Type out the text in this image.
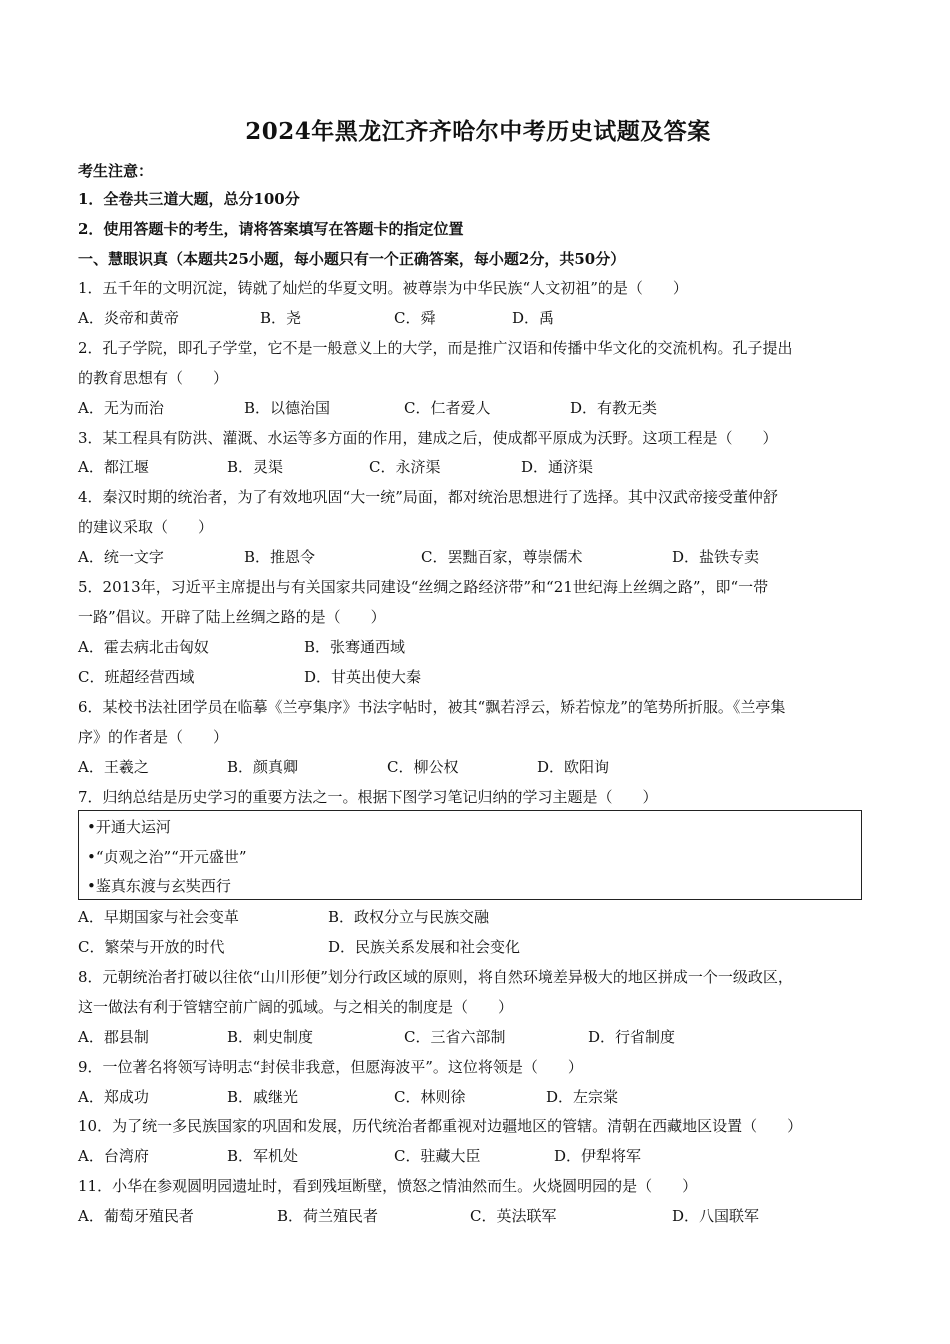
2024年黑龙江齐齐哈尔中考历史试题及答案
考生注意：
1．全卷共三道大题，总分100分
2．使用答题卡的考生，请将答案填写在答题卡的指定位置
一、慧眼识真（本题共25小题，每小题只有一个正确答案，每小题2分，共50分）
1．五千年的文明沉淀，铸就了灿烂的华夏文明。被尊崇为中华民族“人文初祖”的是（　　）
A．炎帝和黄帝	B．尧	C．舜	D．禹
2．孔子学院，即孔子学堂，它不是一般意义上的大学，而是推广汉语和传播中华文化的交流机构。孔子提出
的教育思想有（　　）
A．无为而治	B．以德治国	C．仁者爱人	D．有教无类
3．某工程具有防洪、灌溉、水运等多方面的作用，建成之后，使成都平原成为沃野。这项工程是（　　）
A．都江堰	B．灵渠	C．永济渠	D．通济渠
4．秦汉时期的统治者，为了有效地巩固“大一统”局面，都对统治思想进行了选择。其中汉武帝接受董仲舒
的建议采取（　　）
A．统一文字	B．推恩令	C．罢黜百家，尊崇儒术	D．盐铁专卖
5．2013年，习近平主席提出与有关国家共同建设“丝绸之路经济带”和“21世纪海上丝绸之路”，即“一带
一路”倡议。开辟了陆上丝绸之路的是（　　）
A．霍去病北击匈奴	B．张骞通西域
C．班超经营西域	D．甘英出使大秦
6．某校书法社团学员在临摹《兰亭集序》书法字帖时，被其“飘若浮云，矫若惊龙”的笔势所折服。《兰亭集
序》的作者是（　　）
A．王羲之	B．颜真卿	C．柳公权	D．欧阳询
7．归纳总结是历史学习的重要方法之一。根据下图学习笔记归纳的学习主题是（　　）
•开通大运河
•“贞观之治”“开元盛世”
•鉴真东渡与玄奘西行
A．早期国家与社会变革	B．政权分立与民族交融
C．繁荣与开放的时代	D．民族关系发展和社会变化
8．元朝统治者打破以往依“山川形便”划分行政区域的原则，将自然环境差异极大的地区拼成一个一级政区，
这一做法有利于管辖空前广阔的弧域。与之相关的制度是（　　）
A．郡县制	B．刺史制度	C．三省六部制	D．行省制度
9．一位著名将领写诗明志“封侯非我意，但愿海波平”。这位将领是（　　）
A．郑成功	B．戚继光	C．林则徐	D．左宗棠
10．为了统一多民族国家的巩固和发展，历代统治者都重视对边疆地区的管辖。清朝在西藏地区设置（　　）
A．台湾府	B．军机处	C．驻藏大臣	D．伊犁将军
11．小华在参观圆明园遗址时，看到残垣断壁，愤怒之情油然而生。火烧圆明园的是（　　）
A．葡萄牙殖民者	B．荷兰殖民者	C．英法联军	D．八国联军
